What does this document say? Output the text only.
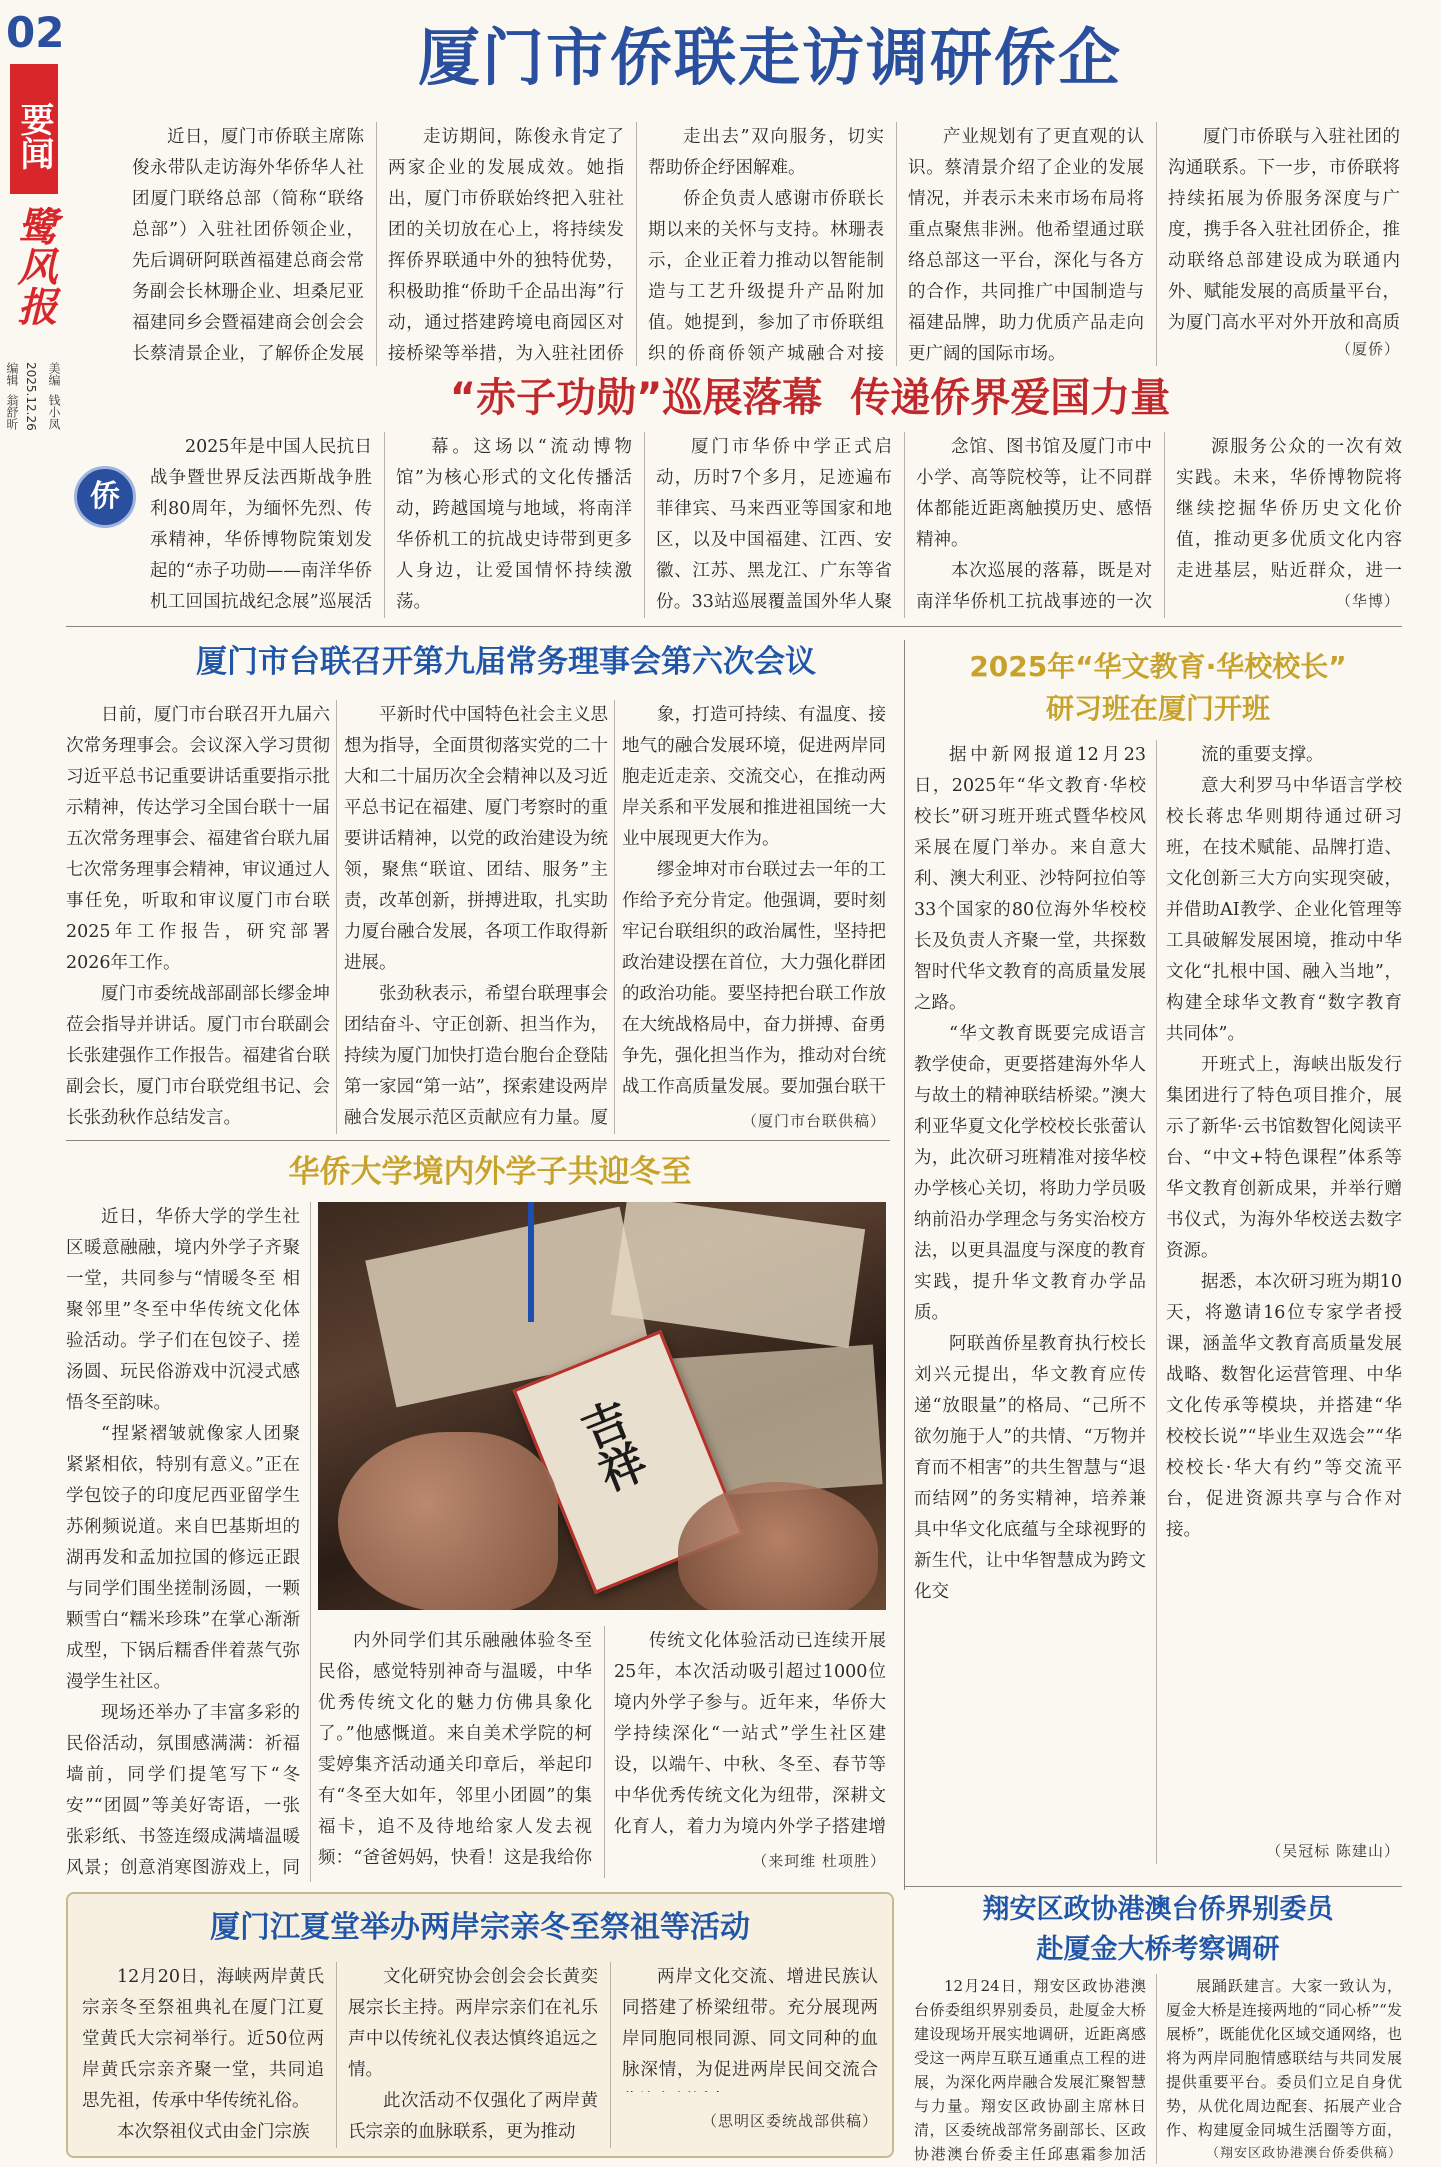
02
要闻
鹭风报
编辑 翁舒昕 2025.12.26 美编 钱小凤
侨
厦门市侨联走访调研侨企

近日，厦门市侨联主席陈俊永带队走访海外华侨华人社团厦门联络总部（简称“联络总部”）入驻社团侨领企业，先后调研阿联酋福建总商会常务副会长林珊企业、坦桑尼亚福建同乡会暨福建商会创会会长蔡清景企业，了解侨企发展

走访期间，陈俊永肯定了两家企业的发展成效。她指出，厦门市侨联始终把入驻社团的关切放在心上，将持续发挥侨界联通中外的独特优势，积极助推“侨助千企品出海”行动，通过搭建跨境电商园区对接桥梁等举措，为入驻社团侨

走出去”双向服务，切实帮助侨企纾困解难。

侨企负责人感谢市侨联长期以来的关怀与支持。林珊表示，企业正着力推动以智能制造与工艺升级提升产品附加值。她提到，参加了市侨联组织的侨商侨领产城融合对接

产业规划有了更直观的认识。蔡清景介绍了企业的发展情况，并表示未来市场布局将重点聚焦非洲。他希望通过联络总部这一平台，深化与各方的合作，共同推广中国制造与福建品牌，助力优质产品走向更广阔的国际市场。

厦门市侨联与入驻社团的沟通联系。下一步，市侨联将持续拓展为侨服务深度与广度，携手各入驻社团侨企，推动联络总部建设成为联通内外、赋能发展的高质量平台，为厦门高水平对外开放和高质

（厦侨）
“赤子功勋”巡展落幕  传递侨界爱国力量

2025年是中国人民抗日战争暨世界反法西斯战争胜利80周年，为缅怀先烈、传承精神，华侨博物院策划发起的“赤子功勋——南洋华侨机工回国抗战纪念展”巡展活

幕。这场以“流动博物馆”为核心形式的文化传播活动，跨越国境与地域，将南洋华侨机工的抗战史诗带到更多人身边，让爱国情怀持续激荡。

厦门市华侨中学正式启动，历时7个多月，足迹遍布菲律宾、马来西亚等国家和地区，以及中国福建、江西、安徽、江苏、黑龙江、广东等省份。33站巡展覆盖国外华人聚

念馆、图书馆及厦门市中小学、高等院校等，让不同群体都能近距离触摸历史、感悟精神。

本次巡展的落幕，既是对南洋华侨机工抗战事迹的一次

源服务公众的一次有效实践。未来，华侨博物院将继续挖掘华侨历史文化价值，推动更多优质文化内容走进基层，贴近群众，进一

（华博）
厦门市台联召开第九届常务理事会第六次会议

日前，厦门市台联召开九届六次常务理事会。会议深入学习贯彻习近平总书记重要讲话重要指示批示精神，传达学习全国台联十一届五次常务理事会、福建省台联九届七次常务理事会精神，审议通过人事任免，听取和审议厦门市台联2025年工作报告，研究部署2026年工作。

厦门市委统战部副部长缪金坤莅会指导并讲话。厦门市台联副会长张建强作工作报告。福建省台联副会长，厦门市台联党组书记、会长张劲秋作总结发言。

平新时代中国特色社会主义思想为指导，全面贯彻落实党的二十大和二十届历次全会精神以及习近平总书记在福建、厦门考察时的重要讲话精神，以党的政治建设为统领，聚焦“联谊、团结、服务”主责，改革创新，拼搏进取，扎实助力厦台融合发展，各项工作取得新进展。

张劲秋表示，希望台联理事会团结奋斗、守正创新、担当作为，持续为厦门加快打造台胞台企登陆第一家园“第一站”，探索建设两岸融合发展示范区贡献应有力量。厦

象，打造可持续、有温度、接地气的融合发展环境，促进两岸同胞走近走亲、交流交心，在推动两岸关系和平发展和推进祖国统一大业中展现更大作为。

缪金坤对市台联过去一年的工作给予充分肯定。他强调，要时刻牢记台联组织的政治属性，坚持把政治建设摆在首位，大力强化群团的政治功能。要坚持把台联工作放在大统战格局中，奋力拼搏、奋勇争先，强化担当作为，推动对台统战工作高质量发展。要加强台联干

（厦门市台联供稿）
华侨大学境内外学子共迎冬至

近日，华侨大学的学生社区暖意融融，境内外学子齐聚一堂，共同参与“情暖冬至 相聚邻里”冬至中华传统文化体验活动。学子们在包饺子、搓汤圆、玩民俗游戏中沉浸式感悟冬至韵味。

“捏紧褶皱就像家人团聚紧紧相依，特别有意义。”正在学包饺子的印度尼西亚留学生苏俐频说道。来自巴基斯坦的湖再发和孟加拉国的修远正跟与同学们围坐搓制汤圆，一颗颗雪白“糯米珍珠”在掌心渐渐成型，下锅后糯香伴着蒸气弥漫学生社区。

现场还举办了丰富多彩的民俗活动，氛围感满满：祈福墙前，同学们提笔写下“冬安”“团圆”等美好寄语，一张张彩纸、书签连缀成满墙温暖风景；创意消寒图游戏上，同

吉祥

内外同学们其乐融融体验冬至民俗，感觉特别神奇与温暖，中华优秀传统文化的魅力仿佛具象化了。”他感慨道。来自美术学院的柯雯婷集齐活动通关印章后，举起印有“冬至大如年，邻里小团圆”的集福卡，追不及待地给家人发去视频：“爸爸妈妈，快看！这是我给你

传统文化体验活动已连续开展25年，本次活动吸引超过1000位境内外学子参与。近年来，华侨大学持续深化“一站式”学生社区建设，以端午、中秋、冬至、春节等中华优秀传统文化为纽带，深耕文化育人，着力为境内外学子搭建增

（来珂维 杜项胜）
2025年“华文教育·华校校长”
研习班在厦门开班

据中新网报道12月23日，2025年“华文教育·华校校长”研习班开班式暨华校风采展在厦门举办。来自意大利、澳大利亚、沙特阿拉伯等33个国家的80位海外华校校长及负责人齐聚一堂，共探数智时代华文教育的高质量发展之路。

“华文教育既要完成语言教学使命，更要搭建海外华人与故土的精神联结桥梁。”澳大利亚华夏文化学校校长张蕾认为，此次研习班精准对接华校办学核心关切，将助力学员吸纳前沿办学理念与务实治校方法，以更具温度与深度的教育实践，提升华文教育办学品质。

阿联酋侨星教育执行校长刘兴元提出，华文教育应传递“放眼量”的格局、“己所不欲勿施于人”的共情、“万物并育而不相害”的共生智慧与“退而结网”的务实精神，培养兼具中华文化底蕴与全球视野的新生代，让中华智慧成为跨文化交

流的重要支撑。

意大利罗马中华语言学校校长蒋忠华则期待通过研习班，在技术赋能、品牌打造、文化创新三大方向实现突破，并借助AI教学、企业化管理等工具破解发展困境，推动中华文化“扎根中国、融入当地”，构建全球华文教育“数字教育共同体”。

开班式上，海峡出版发行集团进行了特色项目推介，展示了新华·云书馆数智化阅读平台、“中文+特色课程”体系等华文教育创新成果，并举行赠书仪式，为海外华校送去数字资源。

据悉，本次研习班为期10天，将邀请16位专家学者授课，涵盖华文教育高质量发展战略、数智化运营管理、中华文化传承等模块，并搭建“华校校长说”“毕业生双选会”“华校校长·华大有约”等交流平台，促进资源共享与合作对接。

（吴冠标 陈建山）
翔安区政协港澳台侨界别委员
赴厦金大桥考察调研

12月24日，翔安区政协港澳台侨委组织界别委员，赴厦金大桥建设现场开展实地调研，近距离感受这一两岸互联互通重点工程的进展，为深化两岸融合发展汇聚智慧与力量。翔安区政协副主席林日清，区委统战部常务副部长、区政协港澳台侨委主任邱惠霜参加活

展踊跃建言。大家一致认为，厦金大桥是连接两地的“同心桥”“发展桥”，既能优化区域交通网络，也将为两岸同胞情感联结与共同发展提供重要平台。委员们立足自身优势，从优化周边配套、拓展产业合作、构建厦金同城生活圈等方面，

（翔安区政协港澳台侨委供稿）
厦门江夏堂举办两岸宗亲冬至祭祖等活动

12月20日，海峡两岸黄氏宗亲冬至祭祖典礼在厦门江夏堂黄氏大宗祠举行。近50位两岸黄氏宗亲齐聚一堂，共同追思先祖，传承中华传统礼俗。

本次祭祖仪式由金门宗族

文化研究协会创会会长黄奕展宗长主持。两岸宗亲们在礼乐声中以传统礼仪表达慎终追远之情。

此次活动不仅强化了两岸黄氏宗亲的血脉联系，更为推动

两岸文化交流、增进民族认同搭建了桥梁纽带。充分展现两岸同胞同根同源、同文同种的血脉深情，为促进两岸民间交流合

（思明区委统战部供稿）
